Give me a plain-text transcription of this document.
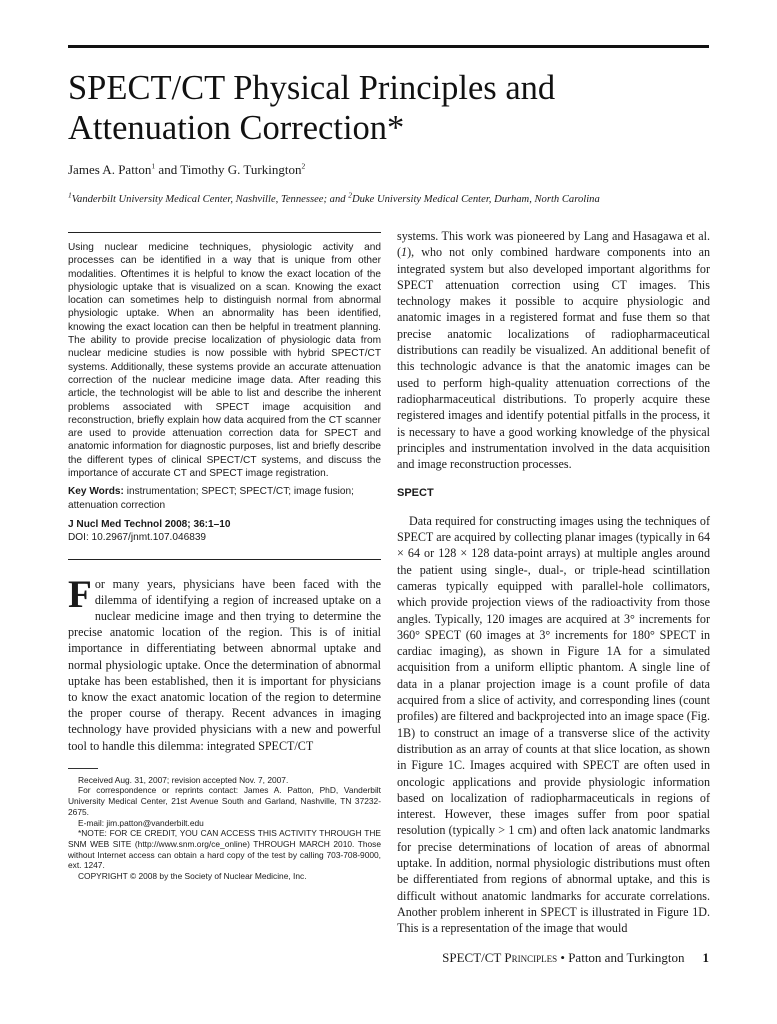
SPECT/CT Physical Principles and Attenuation Correction*
James A. Patton$^1$ and Timothy G. Turkington$^2$
$^1$Vanderbilt University Medical Center, Nashville, Tennessee; and $^2$Duke University Medical Center, Durham, North Carolina

Using nuclear medicine techniques, physiologic activity and processes can be identified in a way that is unique from other modalities. Oftentimes it is helpful to know the exact location of the physiologic uptake that is visualized on a scan. Knowing the exact location can sometimes help to distinguish normal from abnormal physiologic uptake. When an abnormality has been identified, knowing the exact location can then be helpful in treatment planning. The ability to provide precise localization of physiologic data from nuclear medicine studies is now possible with hybrid SPECT/CT systems. Additionally, these systems provide an accurate attenuation correction of the nuclear medicine image data. After reading this article, the technologist will be able to list and describe the inherent problems associated with SPECT image acquisition and reconstruction, briefly explain how data acquired from the CT scanner are used to provide attenuation correction data for SPECT and anatomic information for diagnostic purposes, list and briefly describe the different types of clinical SPECT/CT systems, and discuss the importance of accurate CT and SPECT image registration.

Key Words: instrumentation; SPECT; SPECT/CT; image fusion; attenuation correction

J Nucl Med Technol 2008; 36:1–10

DOI: 10.2967/jnmt.107.046839

For many years, physicians have been faced with the dilemma of identifying a region of increased uptake on a nuclear medicine image and then trying to determine the precise anatomic location of the region. This is of initial importance in differentiating between abnormal uptake and normal physiologic uptake. Once the determination of abnormal uptake has been established, then it is important for physicians to know the exact anatomic location of the region to determine the proper course of therapy. Recent advances in imaging technology have provided physicians with a new and powerful tool to handle this dilemma: integrated SPECT/CT

Received Aug. 31, 2007; revision accepted Nov. 7, 2007.

For correspondence or reprints contact: James A. Patton, PhD, Vanderbilt University Medical Center, 21st Avenue South and Garland, Nashville, TN 37232-2675.

E-mail: jim.patton@vanderbilt.edu

*NOTE: FOR CE CREDIT, YOU CAN ACCESS THIS ACTIVITY THROUGH THE SNM WEB SITE (http://www.snm.org/ce_online) THROUGH MARCH 2010. Those without Internet access can obtain a hard copy of the test by calling 703-708-9000, ext. 1247.

COPYRIGHT © 2008 by the Society of Nuclear Medicine, Inc.

systems. This work was pioneered by Lang and Hasagawa et al. (1), who not only combined hardware components into an integrated system but also developed important algorithms for SPECT attenuation correction using CT images. This technology makes it possible to acquire physiologic and anatomic images in a registered format and fuse them so that precise anatomic localizations of radiopharmaceutical distributions can readily be visualized. An additional benefit of this technologic advance is that the anatomic images can be used to perform high-quality attenuation corrections of the radiopharmaceutical distributions. To properly acquire these registered images and identify potential pitfalls in the process, it is necessary to have a good working knowledge of the physical principles and instrumentation involved in the data acquisition and image reconstruction processes.

SPECT

Data required for constructing images using the techniques of SPECT are acquired by collecting planar images (typically in 64 × 64 or 128 × 128 data-point arrays) at multiple angles around the patient using single-, dual-, or triple-head scintillation cameras typically equipped with parallel-hole collimators, which provide projection views of the radioactivity from those angles. Typically, 120 images are acquired at 3° increments for 360° SPECT (60 images at 3° increments for 180° SPECT in cardiac imaging), as shown in Figure 1A for a simulated acquisition from a uniform elliptic phantom. A single line of data in a planar projection image is a count profile of data acquired from a slice of activity, and corresponding lines (count profiles) are filtered and backprojected into an image space (Fig. 1B) to construct an image of a transverse slice of the activity distribution as an array of counts at that slice location, as shown in Figure 1C. Images acquired with SPECT are often used in oncologic applications and provide physiologic information based on localization of radiopharmaceuticals in regions of interest. However, these images suffer from poor spatial resolution (typically > 1 cm) and often lack anatomic landmarks for precise determinations of location of areas of abnormal uptake. In addition, normal physiologic distributions must often be differentiated from regions of abnormal uptake, and this is difficult without anatomic landmarks for accurate correlations. Another problem inherent in SPECT is illustrated in Figure 1D. This is a representation of the image that would

SPECT/CT Principles • Patton and Turkington 1
